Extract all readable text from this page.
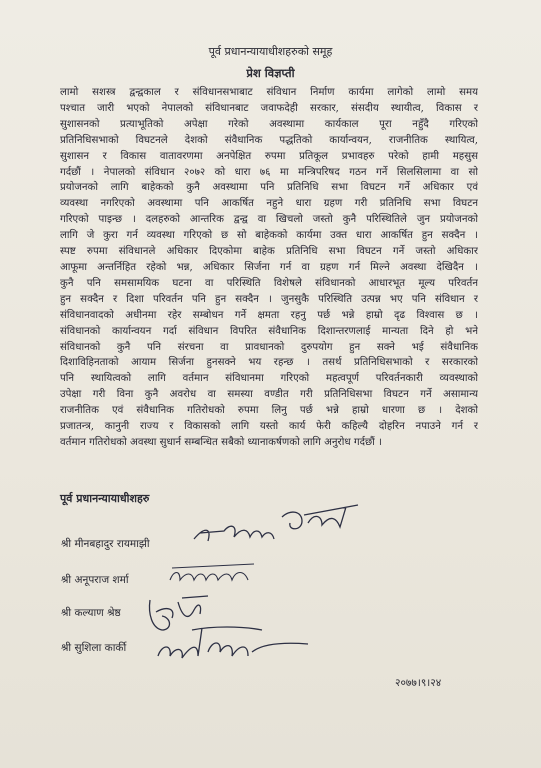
पूर्व प्रधानन्यायाधीशहरुको समूह
प्रेश विज्ञप्ती
लामो सशस्त्र द्वन्द्वकाल र संविधानसभाबाट संविधान निर्माण कार्यमा लागेको लामो समय
पश्चात जारी भएको नेपालको संविधानबाट जवाफदेही सरकार, संसदीय स्थायीत्व, विकास र
सुशासनको प्रत्याभूतिको अपेक्षा गरेको अवस्थामा कार्यकाल पूरा नहुँदै गरिएको
प्रतिनिधिसभाको विघटनले देशको संवैधानिक पद्धतिको कार्यान्वयन, राजनीतिक स्थायित्व,
सुशासन र विकास वातावरणमा अनपेक्षित रुपमा प्रतिकूल प्रभावहरु परेको हामी महसुस
गर्दछौं । नेपालको संविधान २०७२ को धारा ७६ मा मन्त्रिपरिषद गठन गर्ने सिलसिलामा वा सो
प्रयोजनको लागि बाहेकको कुनै अवस्थामा पनि प्रतिनिधि सभा विघटन गर्ने अधिकार एवं
व्यवस्था नगरिएको अवस्थामा पनि आकर्षित नहुने धारा ग्रहण गरी प्रतिनिधि सभा विघटन
गरिएको पाइन्छ । दलहरुको आन्तरिक द्वन्द्व वा खिचलो जस्तो कुनै परिस्थितिले जुन प्रयोजनको
लागि जे कुरा गर्न व्यवस्था गरिएको छ सो बाहेकको कार्यमा उक्त धारा आकर्षित हुन सक्दैन ।
स्पष्ट रुपमा संविधानले अधिकार दिएकोमा बाहेक प्रतिनिधि सभा विघटन गर्ने जस्तो अधिकार
आफूमा अन्तर्निहित रहेको भन्न, अधिकार सिर्जना गर्न वा ग्रहण गर्न मिल्ने अवस्था देखिदैन ।
कुनै पनि समसामयिक घटना वा परिस्थिति विशेषले संविधानको आधारभूत मूल्य परिवर्तन
हुन सक्दैन र दिशा परिवर्तन पनि हुन सक्दैन । जुनसुकै परिस्थिति उत्पन्न भए पनि संविधान र
संविधानवादको अधीनमा रहेर सम्बोधन गर्ने क्षमता रहनु पर्छ भन्ने हाम्रो दृढ विश्वास छ ।
संविधानको कार्यान्वयन गर्दा संविधान विपरित संवैधानिक दिशान्तरणलाई मान्यता दिने हो भने
संविधानको कुनै पनि संरचना वा प्रावधानको दुरुपयोग हुन सक्ने भई संवैधानिक
दिशाविहिनताको आयाम सिर्जना हुनसक्ने भय रहन्छ । तसर्थ प्रतिनिधिसभाको र सरकारको
पनि स्थायित्वको लागि वर्तमान संविधानमा गरिएको महत्वपूर्ण परिवर्तनकारी व्यवस्थाको
उपेक्षा गरी विना कुनै अवरोध वा समस्या वण्डीत गरी प्रतिनिधिसभा विघटन गर्ने असामान्य
राजनीतिक एवं संवैधानिक गतिरोधको रुपमा लिनु पर्छ भन्ने हाम्रो धारणा छ । देशको
प्रजातन्त्र, कानुनी राज्य र विकासको लागि यस्तो कार्य फेरी कहिल्यै दोहरिन नपाउने गर्न र
वर्तमान गतिरोधको अवस्था सुधार्न सम्बन्धित सबैको ध्यानाकर्षणको लागि अनुरोध गर्दछौं ।
पूर्व प्रधानन्यायाधीशहरु
श्री मीनबहादुर रायमाझी
श्री अनूपराज शर्मा
श्री कल्याण श्रेष्ठ
श्री सुशिला कार्की
२०७७।९।२४
